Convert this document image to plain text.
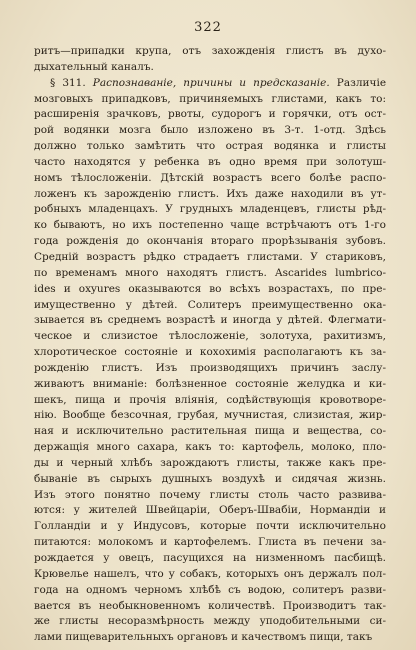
322
ритъ—припадки крупа, отъ захожденія глистъ въ духо-
дыхательный каналъ.
§ 311. Распознаваніе, причины и предсказаніе. Различіе
мозговыхъ припадковъ, причиняемыхъ глистами, какъ то:
расширенія зрачковъ, рвоты, судорогъ и горячки, отъ ост-
рой водянки мозга было изложено въ 3-т. 1-отд. Здѣсь
должно только замѣтить что острая водянка и глисты
часто находятся у ребенка въ одно время при золотуш-
номъ тѣлосложеніи. Дѣтскій возрастъ всего болѣе распо-
ложенъ къ зарожденію глистъ. Ихъ даже находили въ ут-
робныхъ младенцахъ. У грудныхъ младенцевъ, глисты рѣд-
ко бываютъ, но ихъ постепенно чаще встрѣчаютъ отъ 1-го
года рожденія до окончанія втораго прорѣзыванія зубовъ.
Средній возрастъ рѣдко страдаетъ глистами. У стариковъ,
по временамъ много находятъ глистъ. Ascarides lumbrico-
ides и oxyures оказываются во всѣхъ возрастахъ, по пре-
имущественно у дѣтей. Солитеръ преимущественно ока-
зывается въ среднемъ возрастѣ и иногда у дѣтей. Флегмати-
ческое и слизистое тѣлосложеніе, золотуха, рахитизмъ,
хлоротическое состояніе и кохохимія располагаютъ къ за-
рожденію глистъ. Изъ производящихъ причинъ заслу-
живаютъ вниманіе: болѣзненное состояніе желудка и ки-
шекъ, пища и прочія вліянія, содѣйствующія кровотворе-
нію. Вообще безсочная, грубая, мучнистая, слизистая, жир-
ная и исключительно растительная пища и вещества, со-
держащія много сахара, какъ то: картофель, молоко, пло-
ды и черный хлѣбъ зарождаютъ глисты, также какъ пре-
бываніе въ сырыхъ душныхъ воздухѣ и сидячая жизнь.
Изъ этого понятно почему глисты столь часто развива-
ются: у жителей Швейцаріи, Оберъ-Швабіи, Нормандіи и
Голландіи и у Индусовъ, которые почти исключительно
питаются: молокомъ и картофелемъ. Глиста въ печени за-
рождается у овецъ, пасущихся на низменномъ пасбищѣ.
Крювелье нашелъ, что у собакъ, которыхъ онъ держалъ пол-
года на одномъ черномъ хлѣбѣ съ водою, солитеръ разви-
вается въ необыкновенномъ количествѣ. Производитъ так-
же глисты несоразмѣрность между уподобительными си-
лами пищеварительныхъ органовъ и качествомъ пищи, такъ
